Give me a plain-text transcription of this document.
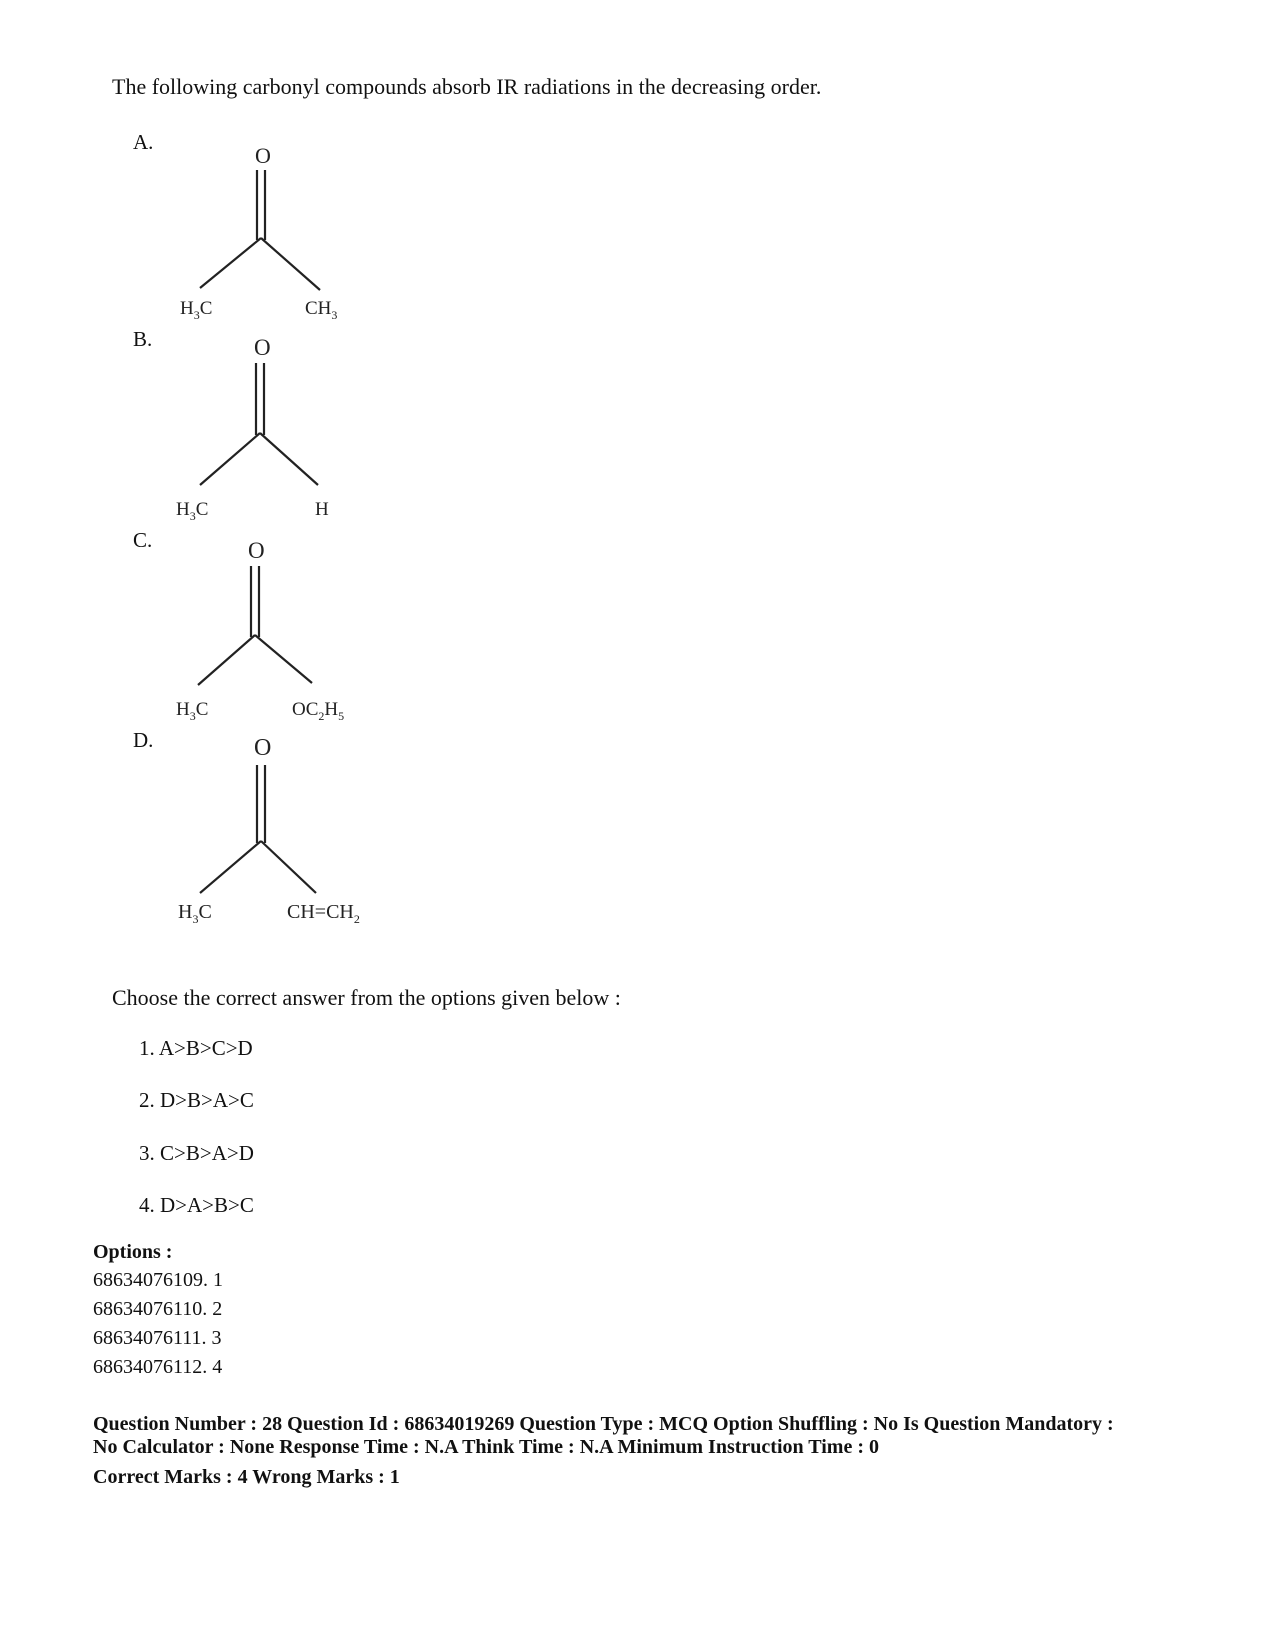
The following carbonyl compounds absorb IR radiations in the decreasing order.
A.
O
$H_3C$	$CH_3$
B.	O
$H_3C$	H
C.	O
$H_3C$	$OC_2H_5$
D.	O
$H_3C$	$CH=CH_2$
Choose the correct answer from the options given below :
1. A>B>C>D
2. D>B>A>C
3. C>B>A>D
4. D>A>B>C
Options :
68634076109. 1
68634076110. 2
68634076111. 3
68634076112. 4
Question Number : 28 Question Id : 68634019269 Question Type : MCQ Option Shuffling : No Is Question Mandatory :
No Calculator : None Response Time : N.A Think Time : N.A Minimum Instruction Time : 0
Correct Marks : 4 Wrong Marks : 1
